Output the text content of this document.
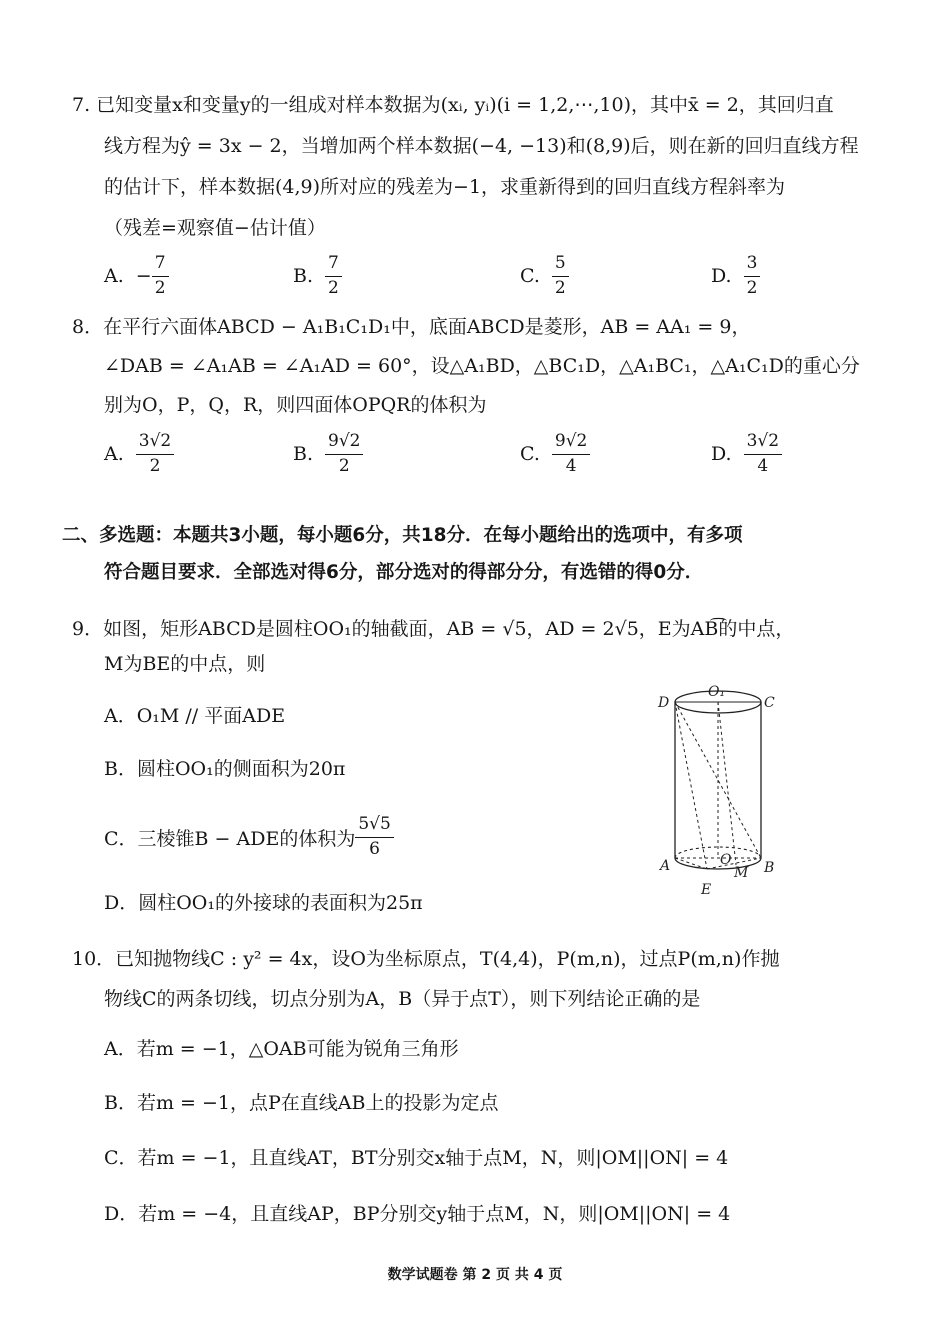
7. 已知变量x和变量y的一组成对样本数据为(xᵢ, yᵢ)(i = 1,2,⋯,10)，其中x̄ = 2，其回归直
线方程为ŷ = 3x − 2，当增加两个样本数据(−4, −13)和(8,9)后，则在新的回归直线方程
的估计下，样本数据(4,9)所对应的残差为−1，求重新得到的回归直线方程斜率为
（残差=观察值−估计值）
A. − $\frac{7}{2}$	B. $\frac{7}{2}$	C. $\frac{5}{2}$	D. $\frac{3}{2}$
8．在平行六面体ABCD − A₁B₁C₁D₁中，底面ABCD是菱形，AB = AA₁ = 9，
∠DAB = ∠A₁AB = ∠A₁AD = 60°，设△A₁BD，△BC₁D，△A₁BC₁，△A₁C₁D的重心分
别为O，P，Q，R，则四面体OPQR的体积为
A. $\frac{3√2}{2}$	B. $\frac{9√2}{2}$	C. $\frac{9√2}{4}$	D. $\frac{3√2}{4}$
二、多选题：本题共3小题，每小题6分，共18分．在每小题给出的选项中，有多项
符合题目要求．全部选对得6分，部分选对的得部分分，有选错的得0分．
9．如图，矩形ABCD是圆柱OO₁的轴截面，AB = √5，AD = 2√5，E为AB͡的中点，
M为BE的中点，则
A．O₁M // 平面ADE
B．圆柱OO₁的侧面积为20π
C．三棱锥B − ADE的体积为 $\frac{5√5}{6}$
D．圆柱OO₁的外接球的表面积为25π
D
O₁
C
A	O
M B
E
10．已知抛物线C : y² = 4x，设O为坐标原点，T(4,4)，P(m,n)，过点P(m,n)作抛
物线C的两条切线，切点分别为A，B（异于点T），则下列结论正确的是
A．若m = −1，△OAB可能为锐角三角形
B．若m = −1，点P在直线AB上的投影为定点
C．若m = −1，且直线AT，BT分别交x轴于点M，N，则|OM||ON| = 4
D．若m = −4，且直线AP，BP分别交y轴于点M，N，则|OM||ON| = 4
数学试题卷 第 2 页 共 4 页
